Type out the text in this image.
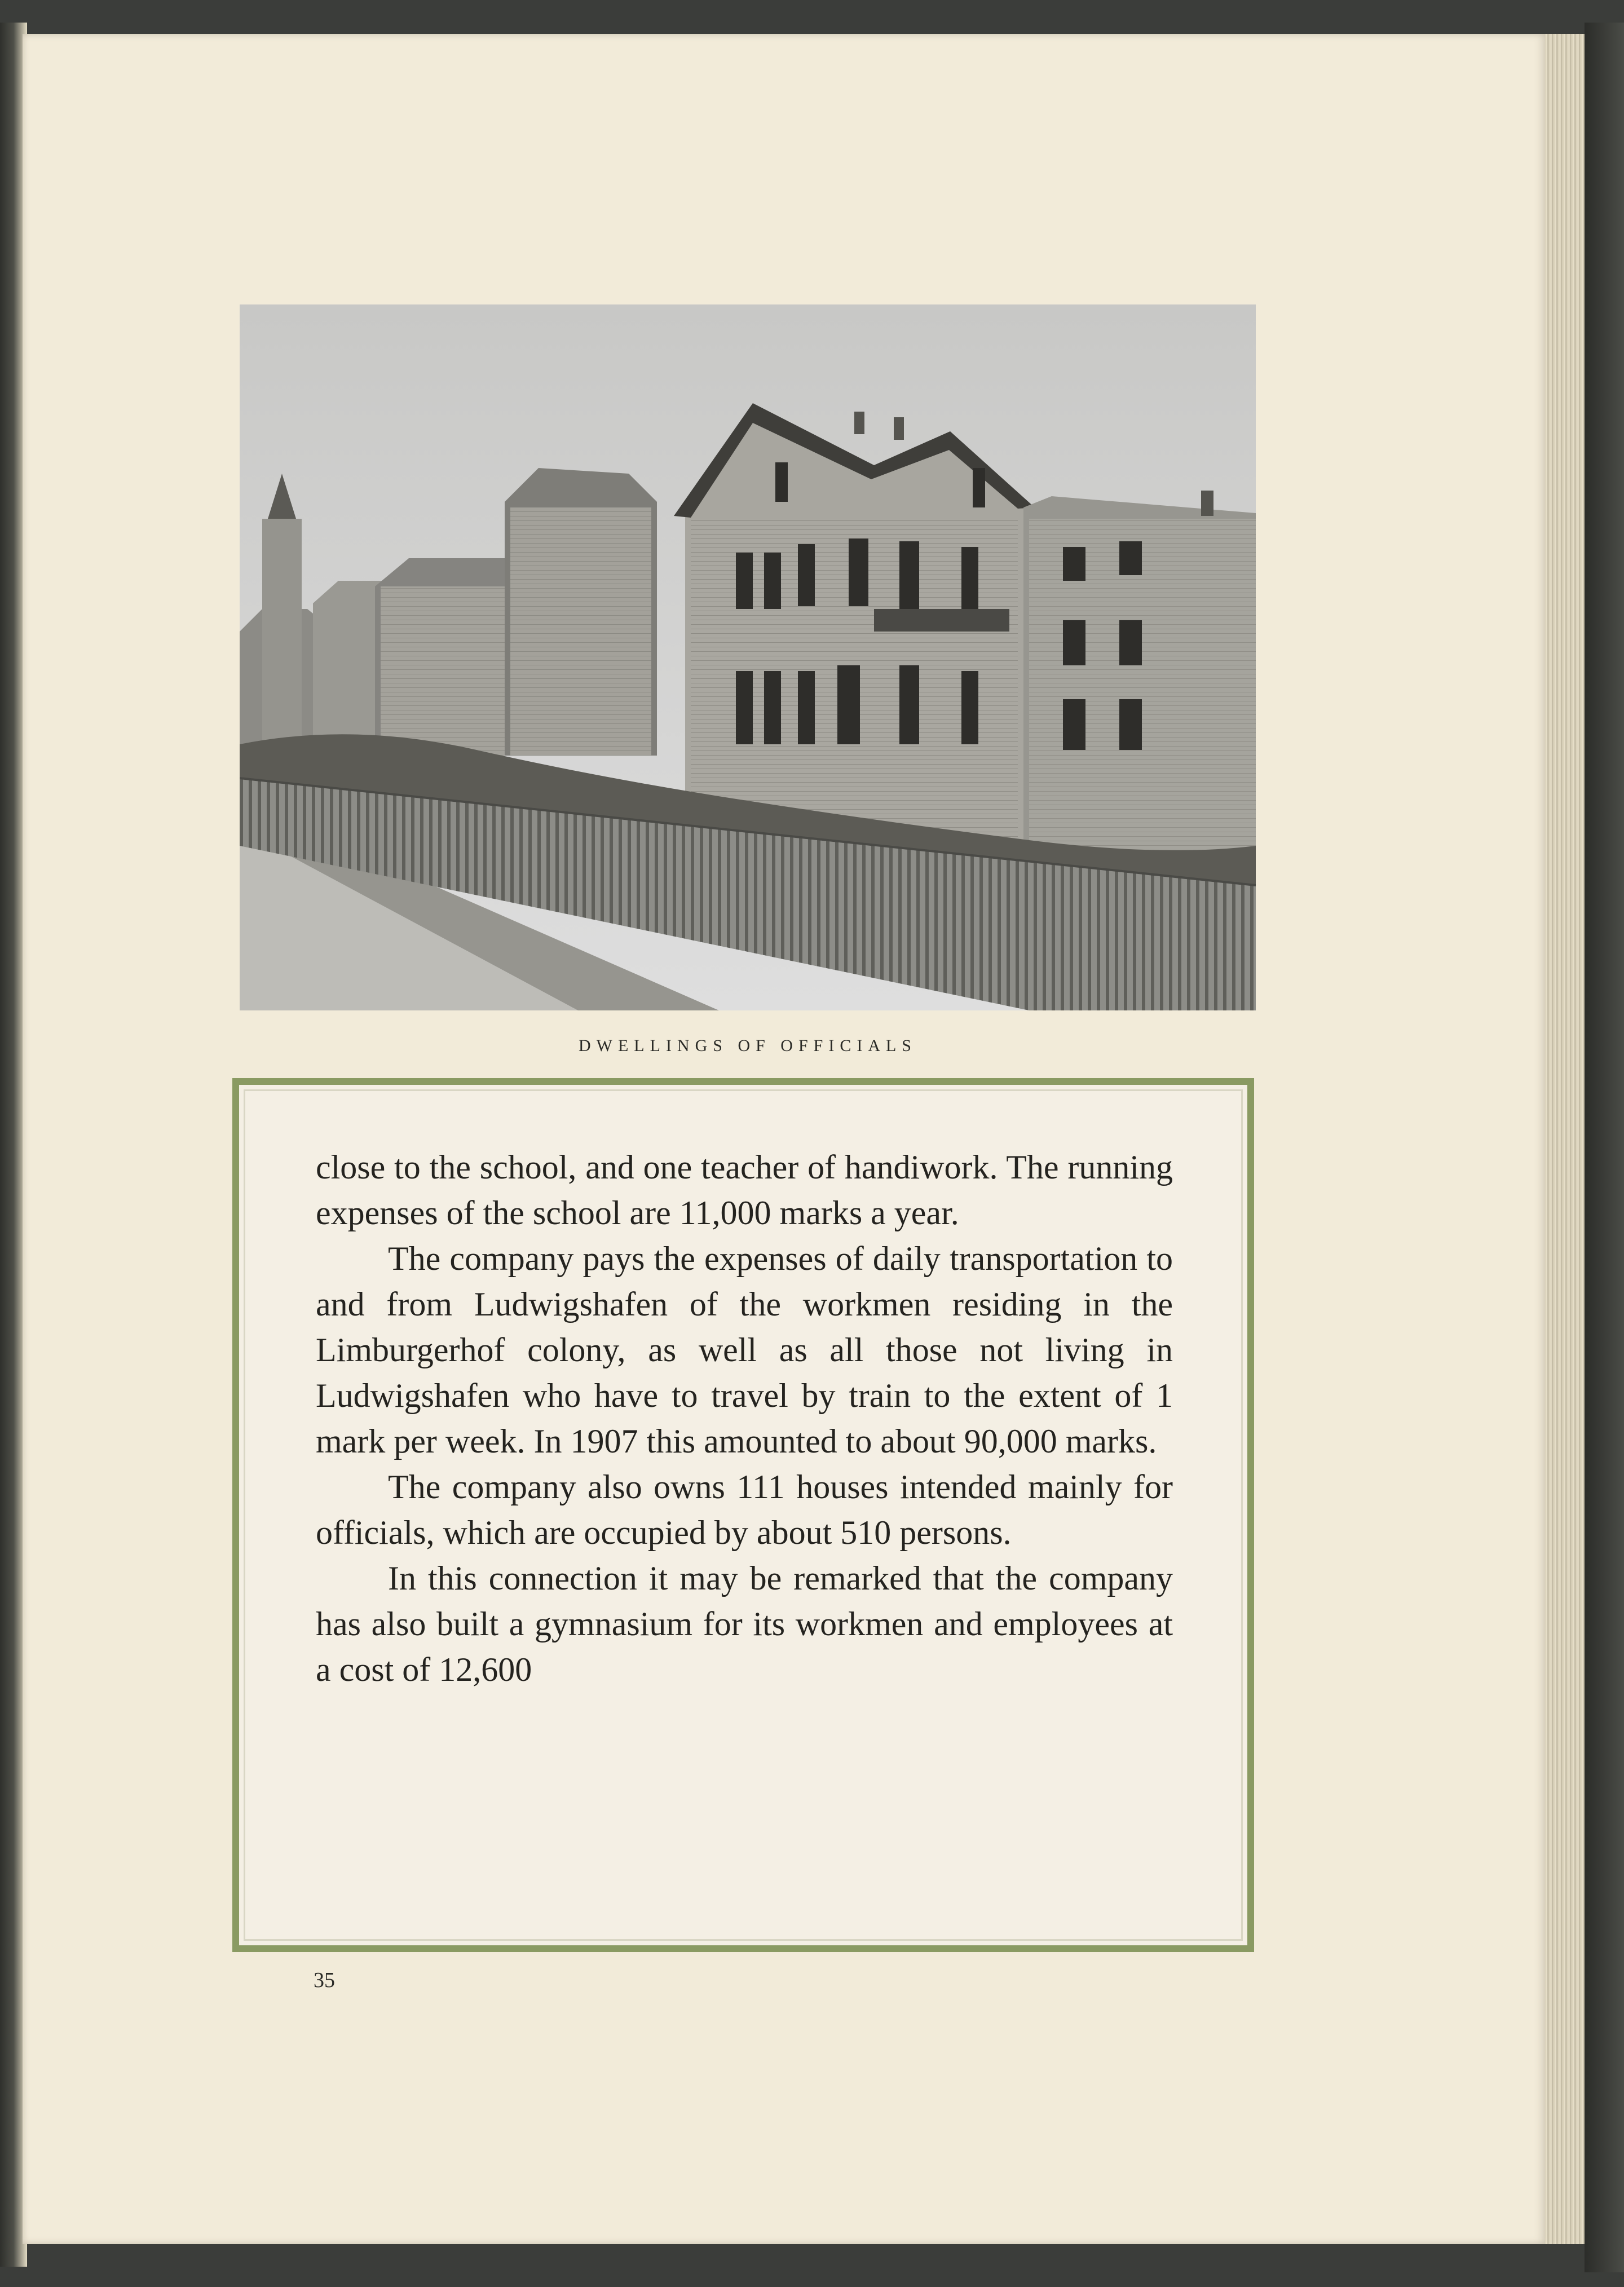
DWELLINGS OF OFFICIALS

close to the school, and one teacher of handiwork. The running expenses of the school are 11,000 marks a year.

The company pays the expenses of daily transportation to and from Ludwigshafen of the workmen residing in the Limburgerhof colony, as well as all those not living in Ludwigshafen who have to travel by train to the extent of 1 mark per week. In 1907 this amounted to about 90,000 marks.

The company also owns 111 houses intended mainly for officials, which are occupied by about 510 persons.

In this connection it may be remarked that the company has also built a gymnasium for its workmen and employees at a cost of 12,600

35
